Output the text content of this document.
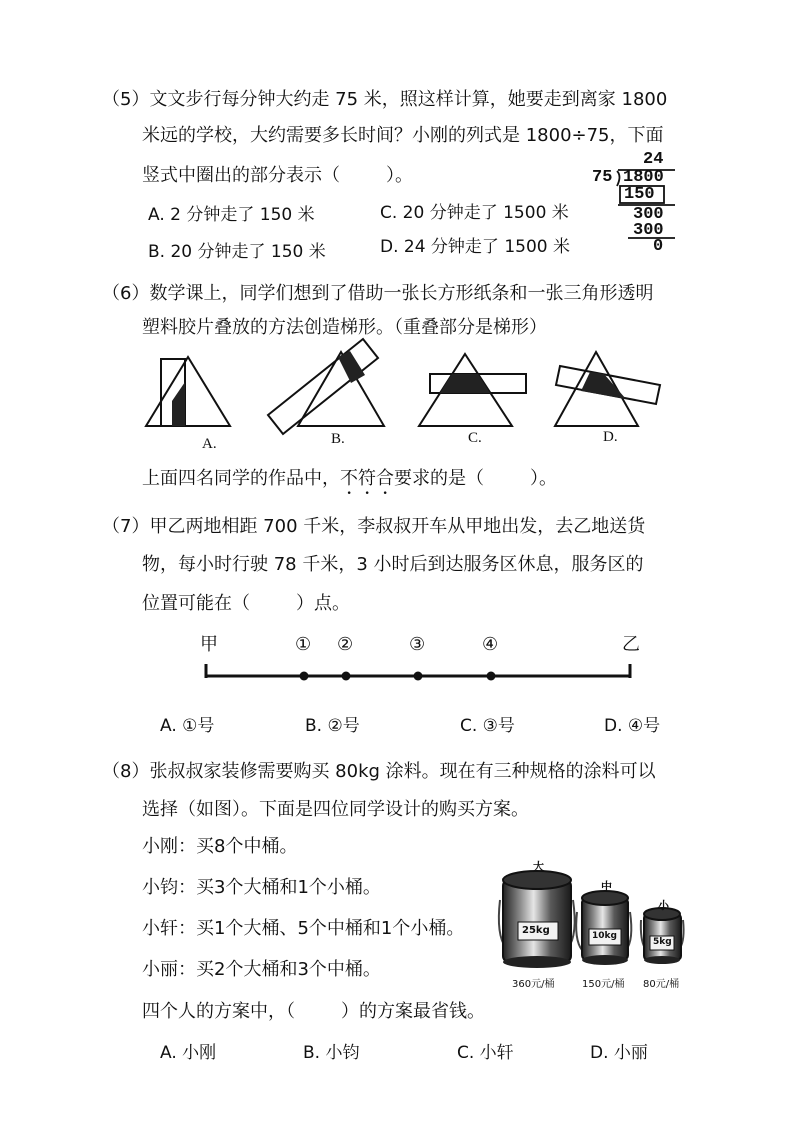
（5）文文步行每分钟大约走 75 米，照这样计算，她要走到离家 1800
米远的学校，大约需要多长时间？小刚的列式是 1800÷75，下面
竖式中圈出的部分表示（	）。
A. 2 分钟走了 150 米
B. 20 分钟走了 150 米
C. 20 分钟走了 1500 米
D. 24 分钟走了 1500 米
24
75 1800
150
300
300
0
（6）数学课上，同学们想到了借助一张长方形纸条和一张三角形透明
塑料胶片叠放的方法创造梯形。（重叠部分是梯形）
A.	B.	C.	D.
上面四名同学的作品中，不符合要求的是（	）。
（7）甲乙两地相距 700 千米，李叔叔开车从甲地出发，去乙地送货
物，每小时行驶 78 千米，3 小时后到达服务区休息，服务区的
位置可能在（	）点。
甲	乙
① ②	③	④
A. ①号	B. ②号	C. ③号	D. ④号
（8）张叔叔家装修需要购买 80kg 涂料。现在有三种规格的涂料可以
选择（如图）。下面是四位同学设计的购买方案。
小刚：买8个中桶。
小钧：买3个大桶和1个小桶。
小轩：买1个大桶、5个中桶和1个小桶。
小丽：买2个大桶和3个中桶。
四个人的方案中，（	）的方案最省钱。
A. 小刚	B. 小钧	C. 小轩	D. 小丽
大
中
小
25kg	10kg
5kg
360元/桶	150元/桶 80元/桶
